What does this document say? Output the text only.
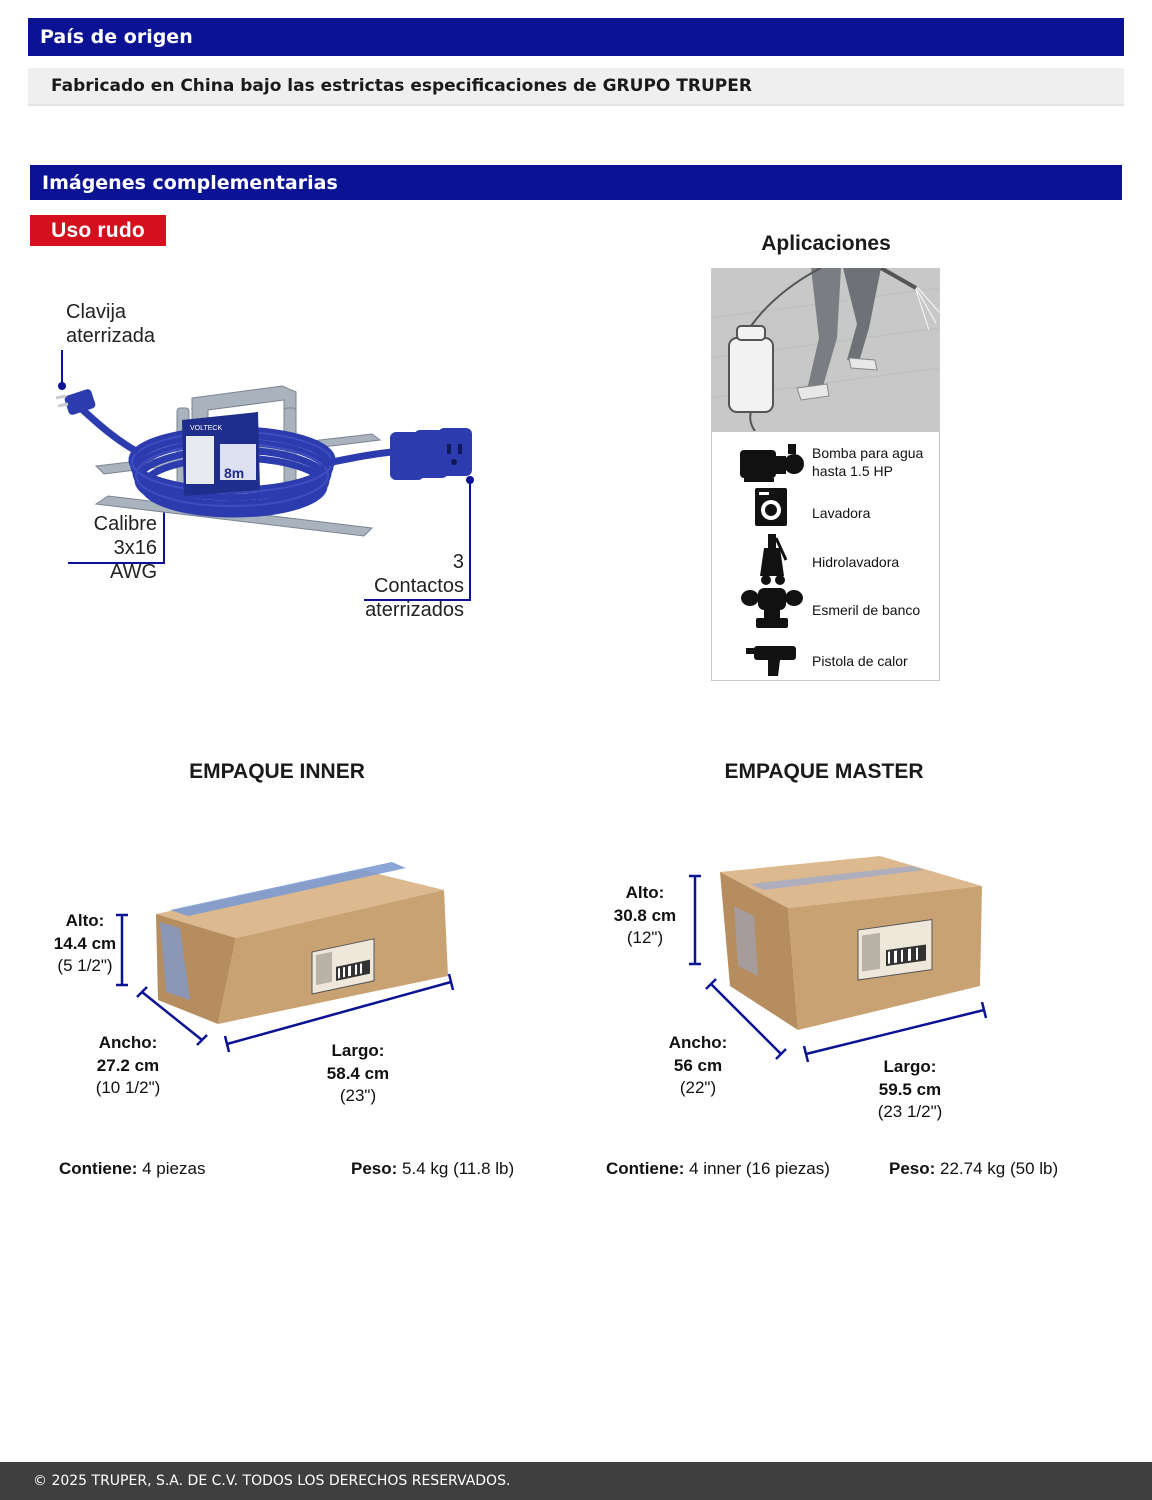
País de origen
Fabricado en China bajo las estrictas especificaciones de GRUPO TRUPER
Imágenes complementarias
Uso rudo
Clavija
aterrizada
Calibre
3x16 AWG	3 Contactos
aterrizados
8m
VOLTECK
Aplicaciones
Bomba para agua
hasta 1.5 HP
Lavadora
Hidrolavadora
Esmeril de banco
Pistola de calor
EMPAQUE INNER
Alto:
14.4 cm
(5 1/2")
Ancho:
27.2 cm
(10 1/2")
Largo:
58.4 cm
(23")
Contiene: 4 piezas	Peso: 5.4 kg (11.8 lb)
EMPAQUE MASTER
Alto:
30.8 cm
(12")
Ancho:
56 cm
(22")
Largo:
59.5 cm
(23 1/2")
Contiene: 4 inner (16 piezas)	Peso: 22.74 kg (50 lb)
© 2025 TRUPER, S.A. DE C.V. TODOS LOS DERECHOS RESERVADOS.
